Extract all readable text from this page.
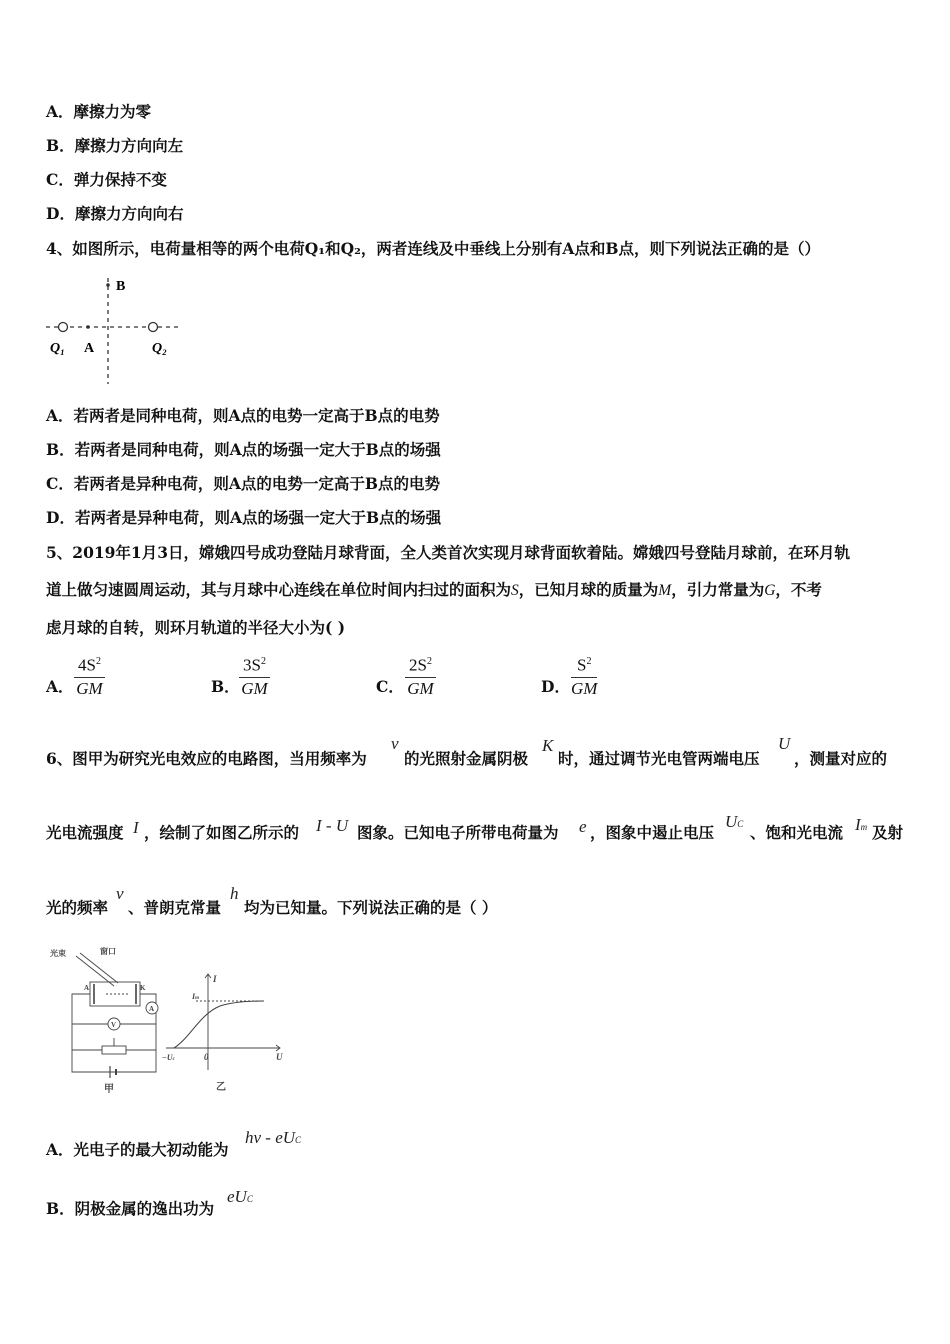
A．摩擦力为零
B．摩擦力方向向左
C．弹力保持不变
D．摩擦力方向向右
4、如图所示，电荷量相等的两个电荷Q₁和Q₂，两者连线及中垂线上分别有A点和B点，则下列说法正确的是（）
B
A
Q₁	Q₂
A．若两者是同种电荷，则A点的电势一定高于B点的电势
B．若两者是同种电荷，则A点的场强一定大于B点的场强
C．若两者是异种电荷，则A点的电势一定高于B点的电势
D．若两者是异种电荷，则A点的场强一定大于B点的场强
5、2019年1月3日，嫦娥四号成功登陆月球背面，全人类首次实现月球背面软着陆。嫦娥四号登陆月球前，在环月轨
道上做匀速圆周运动，其与月球中心连线在单位时间内扫过的面积为S，已知月球的质量为M，引力常量为G，不考
虑月球的自转，则环月轨道的半径大小为( )
A． $\frac{4S^2}{GM}$	B． $\frac{3S^2}{GM}$	C． $\frac{2S^2}{GM}$	D． $\frac{S^2}{GM}$
6、图甲为研究光电效应的电路图，当用频率为
ν
的光照射金属阴极
K
时，通过调节光电管两端电压
U
，测量对应的
光电流强度 I ，绘制了如图乙所示的 I - U 图象。已知电子所带电荷量为 e ，图象中遏止电压
UC 、饱和光电流 Im 及射
光的频率
ν
、普朗克常量
h
均为已知量。下列说法正确的是（ ）
光束	窗口
A	K
V
A
甲
I
Im
−Uc	0	U
乙
A．光电子的最大初动能为
hν - eUC
B．阴极金属的逸出功为
eUC
